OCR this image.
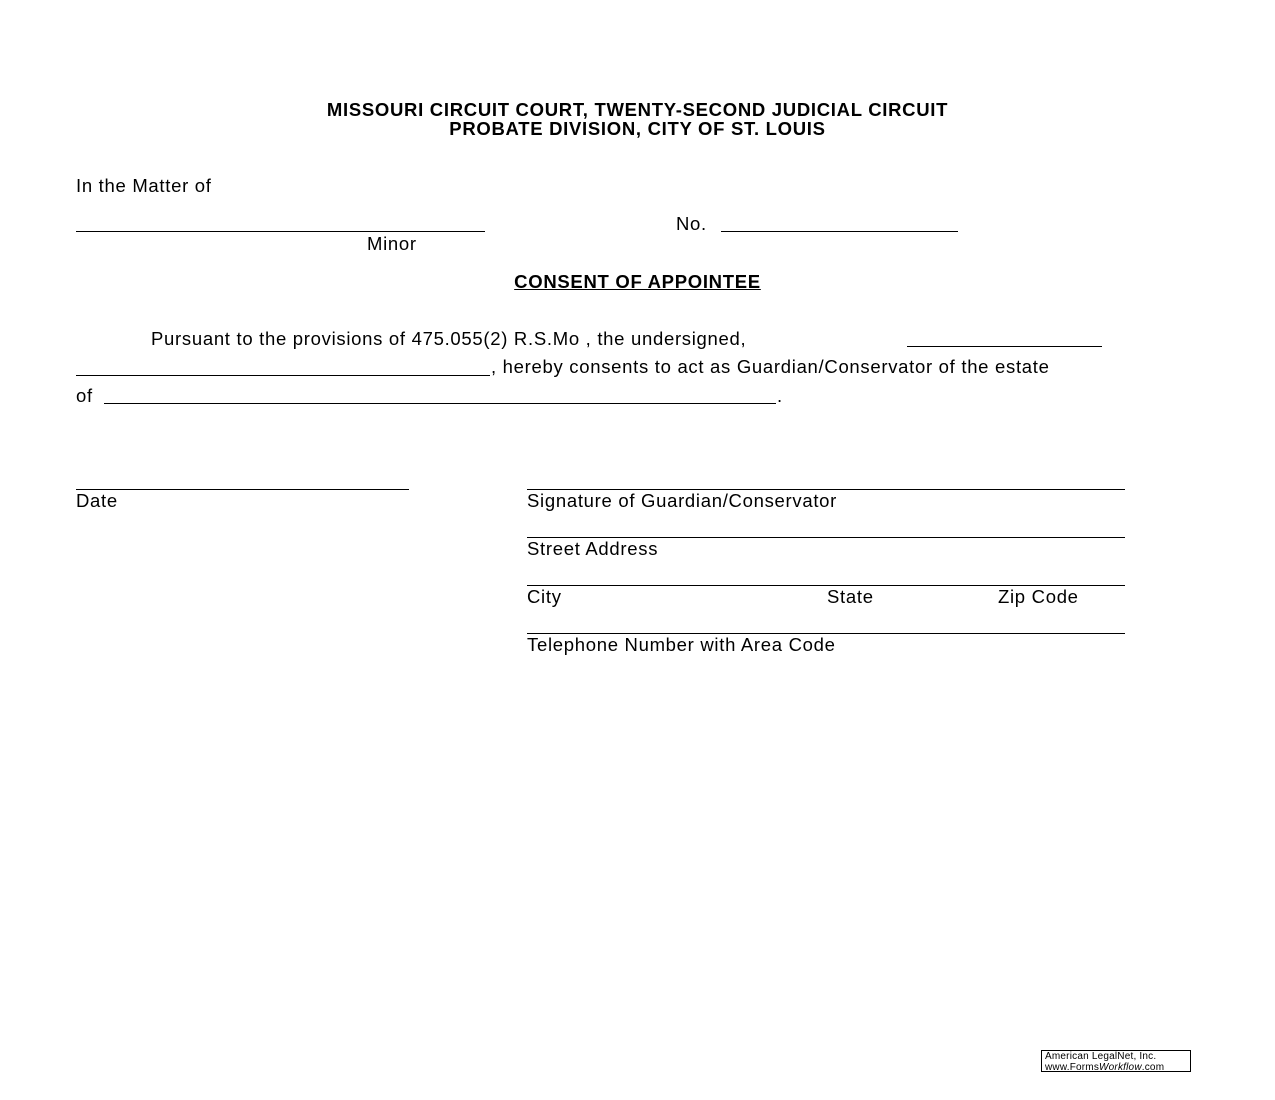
MISSOURI CIRCUIT COURT, TWENTY-SECOND JUDICIAL CIRCUIT
PROBATE DIVISION, CITY OF ST. LOUIS
In the Matter of
Minor
No.
CONSENT OF APPOINTEE
Pursuant to the provisions of 475.055(2) R.S.Mo , the undersigned,
, hereby consents to act as Guardian/Conservator of the estate
of	.
Date	Signature of Guardian/Conservator
Street Address
City	State	Zip Code
Telephone Number with Area Code
American LegalNet, Inc.
www.FormsWorkflow.com
